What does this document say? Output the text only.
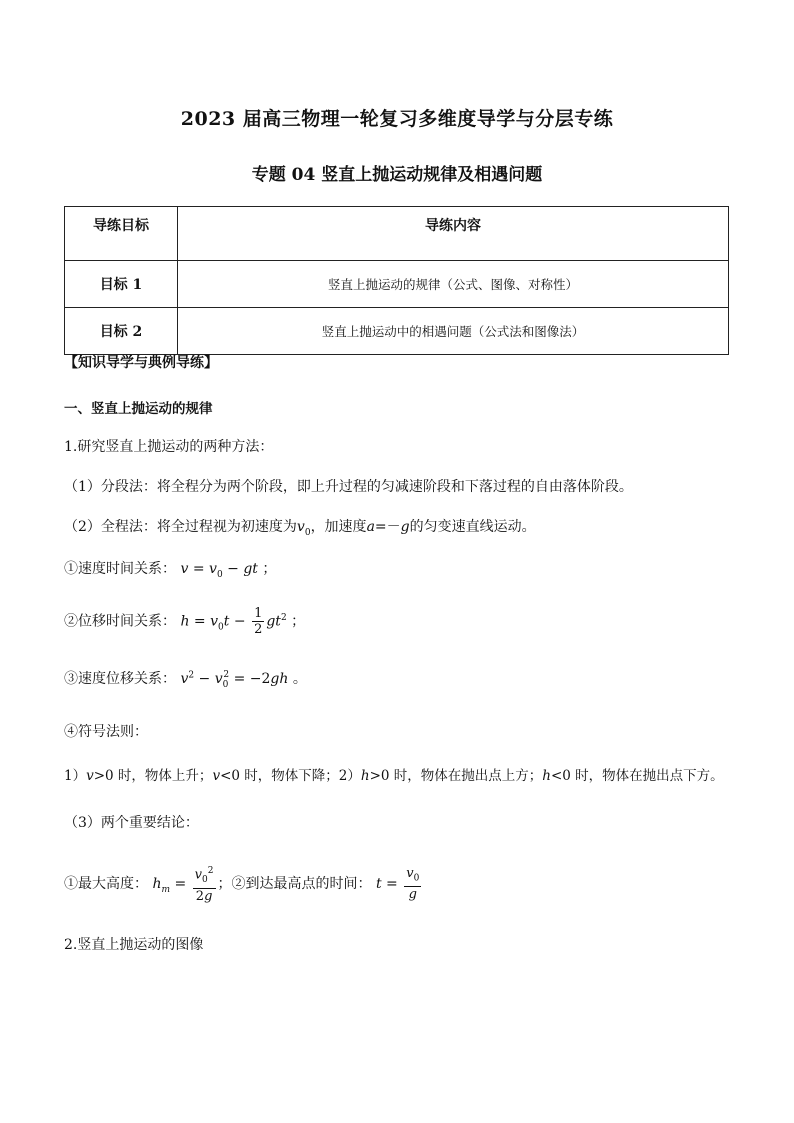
2023 届高三物理一轮复习多维度导学与分层专练
专题 04 竖直上抛运动规律及相遇问题
导练目标	导练内容
目标 1	竖直上抛运动的规律（公式、图像、对称性）
目标 2	竖直上抛运动中的相遇问题（公式法和图像法）
【知识导学与典例导练】
一、竖直上抛运动的规律
1.研究竖直上抛运动的两种方法：
（1）分段法：将全程分为两个阶段，即上升过程的匀减速阶段和下落过程的自由落体阶段。
（2）全程法：将全过程视为初速度为$v_0$，加速度a=－g的匀变速直线运动。
①速度时间关系： $v = v_0$ − gt ；
②位移时间关系： $h = v_0t - \frac{1}{2} gt^2$ ；
③速度位移关系： $v^2 - v_0^2 = -2gh$ 。
④符号法则：
1）v>0 时，物体上升；v<0 时，物体下降；2）h>0 时，物体在抛出点上方；h<0 时，物体在抛出点下方。
（3）两个重要结论：
①最大高度： $h_m = \frac{v_0^2}{2g}$ ；②到达最高点的时间： $t = \frac{v_0}{g}$
2.竖直上抛运动的图像
